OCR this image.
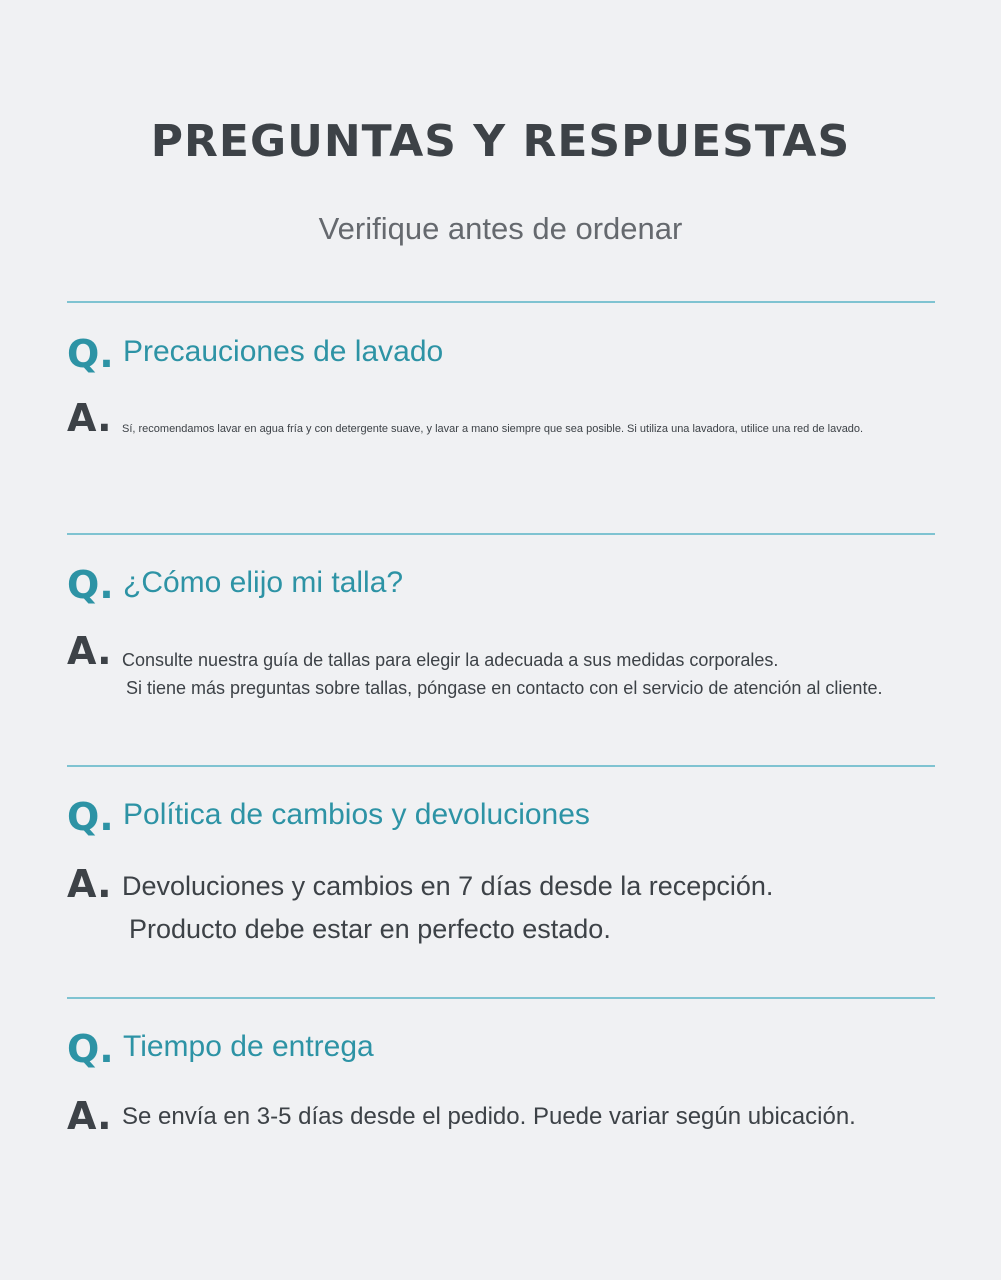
PREGUNTAS Y RESPUESTAS

Verifique antes de ordenar

Q. Precauciones de lavado
A. Sí, recomendamos lavar en agua fría y con detergente suave, y lavar a mano siempre que sea posible. Si utiliza una lavadora, utilice una red de lavado.
Q. ¿Cómo elijo mi talla?
A. Consulte nuestra guía de tallas para elegir la adecuada a sus medidas corporales.
Si tiene más preguntas sobre tallas, póngase en contacto con el servicio de atención al cliente.
Q. Política de cambios y devoluciones
A. Devoluciones y cambios en 7 días desde la recepción.
Producto debe estar en perfecto estado.
Q. Tiempo de entrega
A. Se envía en 3-5 días desde el pedido. Puede variar según ubicación.
